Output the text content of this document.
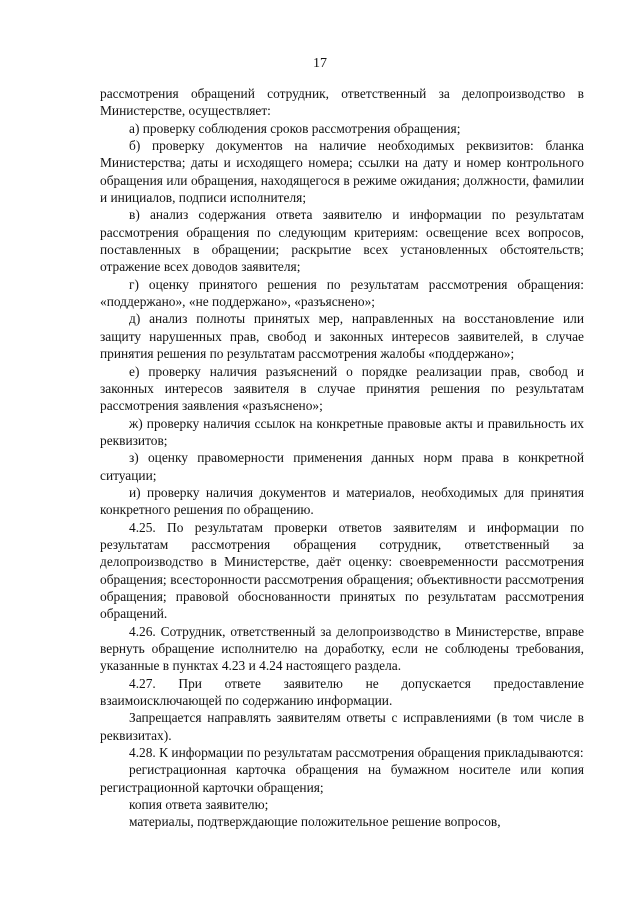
17

рассмотрения обращений сотрудник, ответственный за делопроизводство в Министерстве, осуществляет:

а) проверку соблюдения сроков рассмотрения обращения;

б) проверку документов на наличие необходимых реквизитов: бланка Министерства; даты и исходящего номера; ссылки на дату и номер контрольного обращения или обращения, находящегося в режиме ожидания; должности, фамилии и инициалов, подписи исполнителя;

в) анализ содержания ответа заявителю и информации по результатам рассмотрения обращения по следующим критериям: освещение всех вопросов, поставленных в обращении; раскрытие всех установленных обстоятельств; отражение всех доводов заявителя;

г) оценку принятого решения по результатам рассмотрения обращения: «поддержано», «не поддержано», «разъяснено»;

д) анализ полноты принятых мер, направленных на восстановление или защиту нарушенных прав, свобод и законных интересов заявителей, в случае принятия решения по результатам рассмотрения жалобы «поддержано»;

е) проверку наличия разъяснений о порядке реализации прав, свобод и законных интересов заявителя в случае принятия решения по результатам рассмотрения заявления «разъяснено»;

ж) проверку наличия ссылок на конкретные правовые акты и правильность их реквизитов;

з) оценку правомерности применения данных норм права в конкретной ситуации;

и) проверку наличия документов и материалов, необходимых для принятия конкретного решения по обращению.

4.25. По результатам проверки ответов заявителям и информации по результатам рассмотрения обращения сотрудник, ответственный за делопроизводство в Министерстве, даёт оценку: своевременности рассмотрения обращения; всесторонности рассмотрения обращения; объективности рассмотрения обращения; правовой обоснованности принятых по результатам рассмотрения обращений.

4.26. Сотрудник, ответственный за делопроизводство в Министерстве, вправе вернуть обращение исполнителю на доработку, если не соблюдены требования, указанные в пунктах 4.23 и 4.24 настоящего раздела.

4.27. При ответе заявителю не допускается предоставление взаимоисключающей по содержанию информации.

Запрещается направлять заявителям ответы с исправлениями (в том числе в реквизитах).

4.28. К информации по результатам рассмотрения обращения прикладываются:

регистрационная карточка обращения на бумажном носителе или копия регистрационной карточки обращения;

копия ответа заявителю;

материалы, подтверждающие положительное решение вопросов,
